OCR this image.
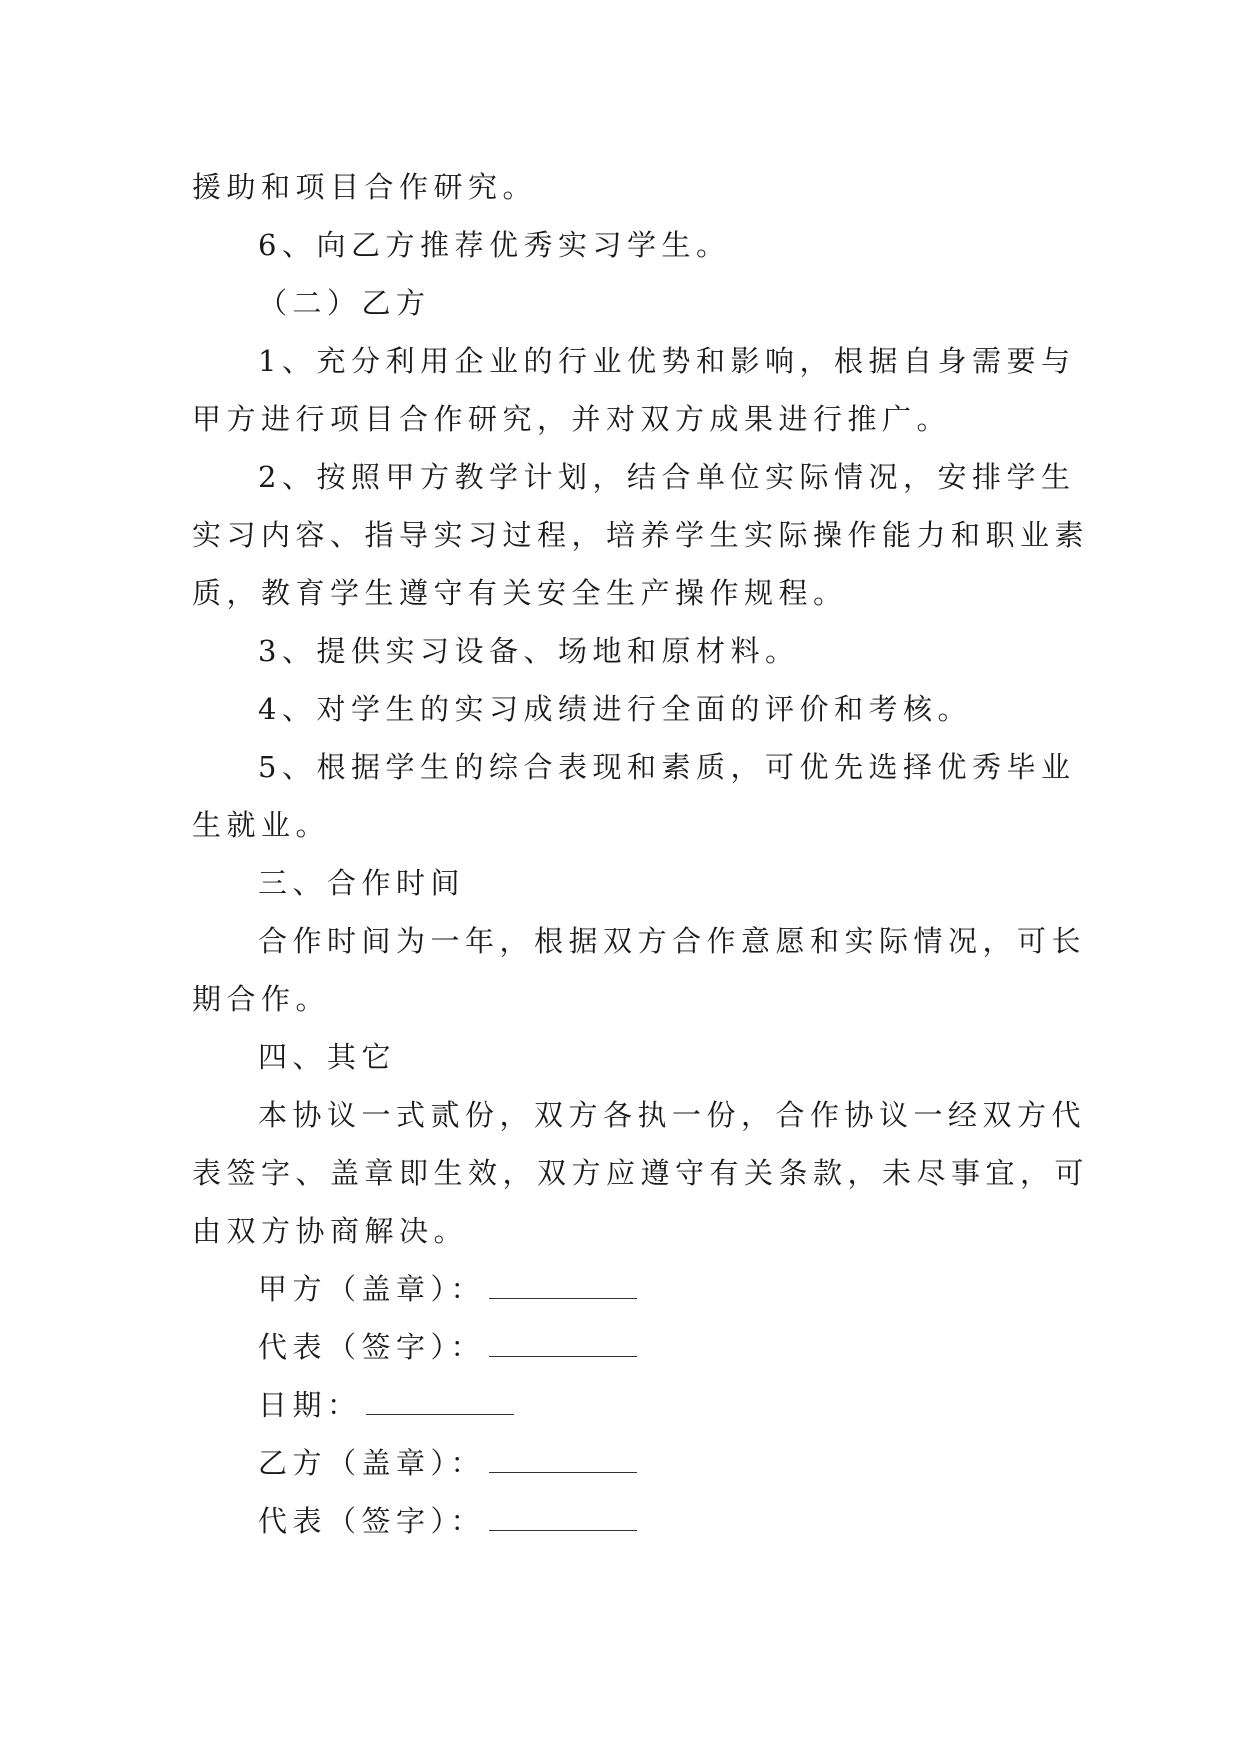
援助和项目合作研究。

6、向乙方推荐优秀实习学生。

（二）乙方

1、充分利用企业的行业优势和影响，根据自身需要与

甲方进行项目合作研究，并对双方成果进行推广。

2、按照甲方教学计划，结合单位实际情况，安排学生

实习内容、指导实习过程，培养学生实际操作能力和职业素

质，教育学生遵守有关安全生产操作规程。

3、提供实习设备、场地和原材料。

4、对学生的实习成绩进行全面的评价和考核。

5、根据学生的综合表现和素质，可优先选择优秀毕业

生就业。

三、合作时间

合作时间为一年，根据双方合作意愿和实际情况，可长

期合作。

四、其它

本协议一式贰份，双方各执一份，合作协议一经双方代

表签字、盖章即生效，双方应遵守有关条款，未尽事宜，可

由双方协商解决。

甲方（盖章）：
代表（签字）：
日期：
乙方（盖章）：
代表（签字）：
